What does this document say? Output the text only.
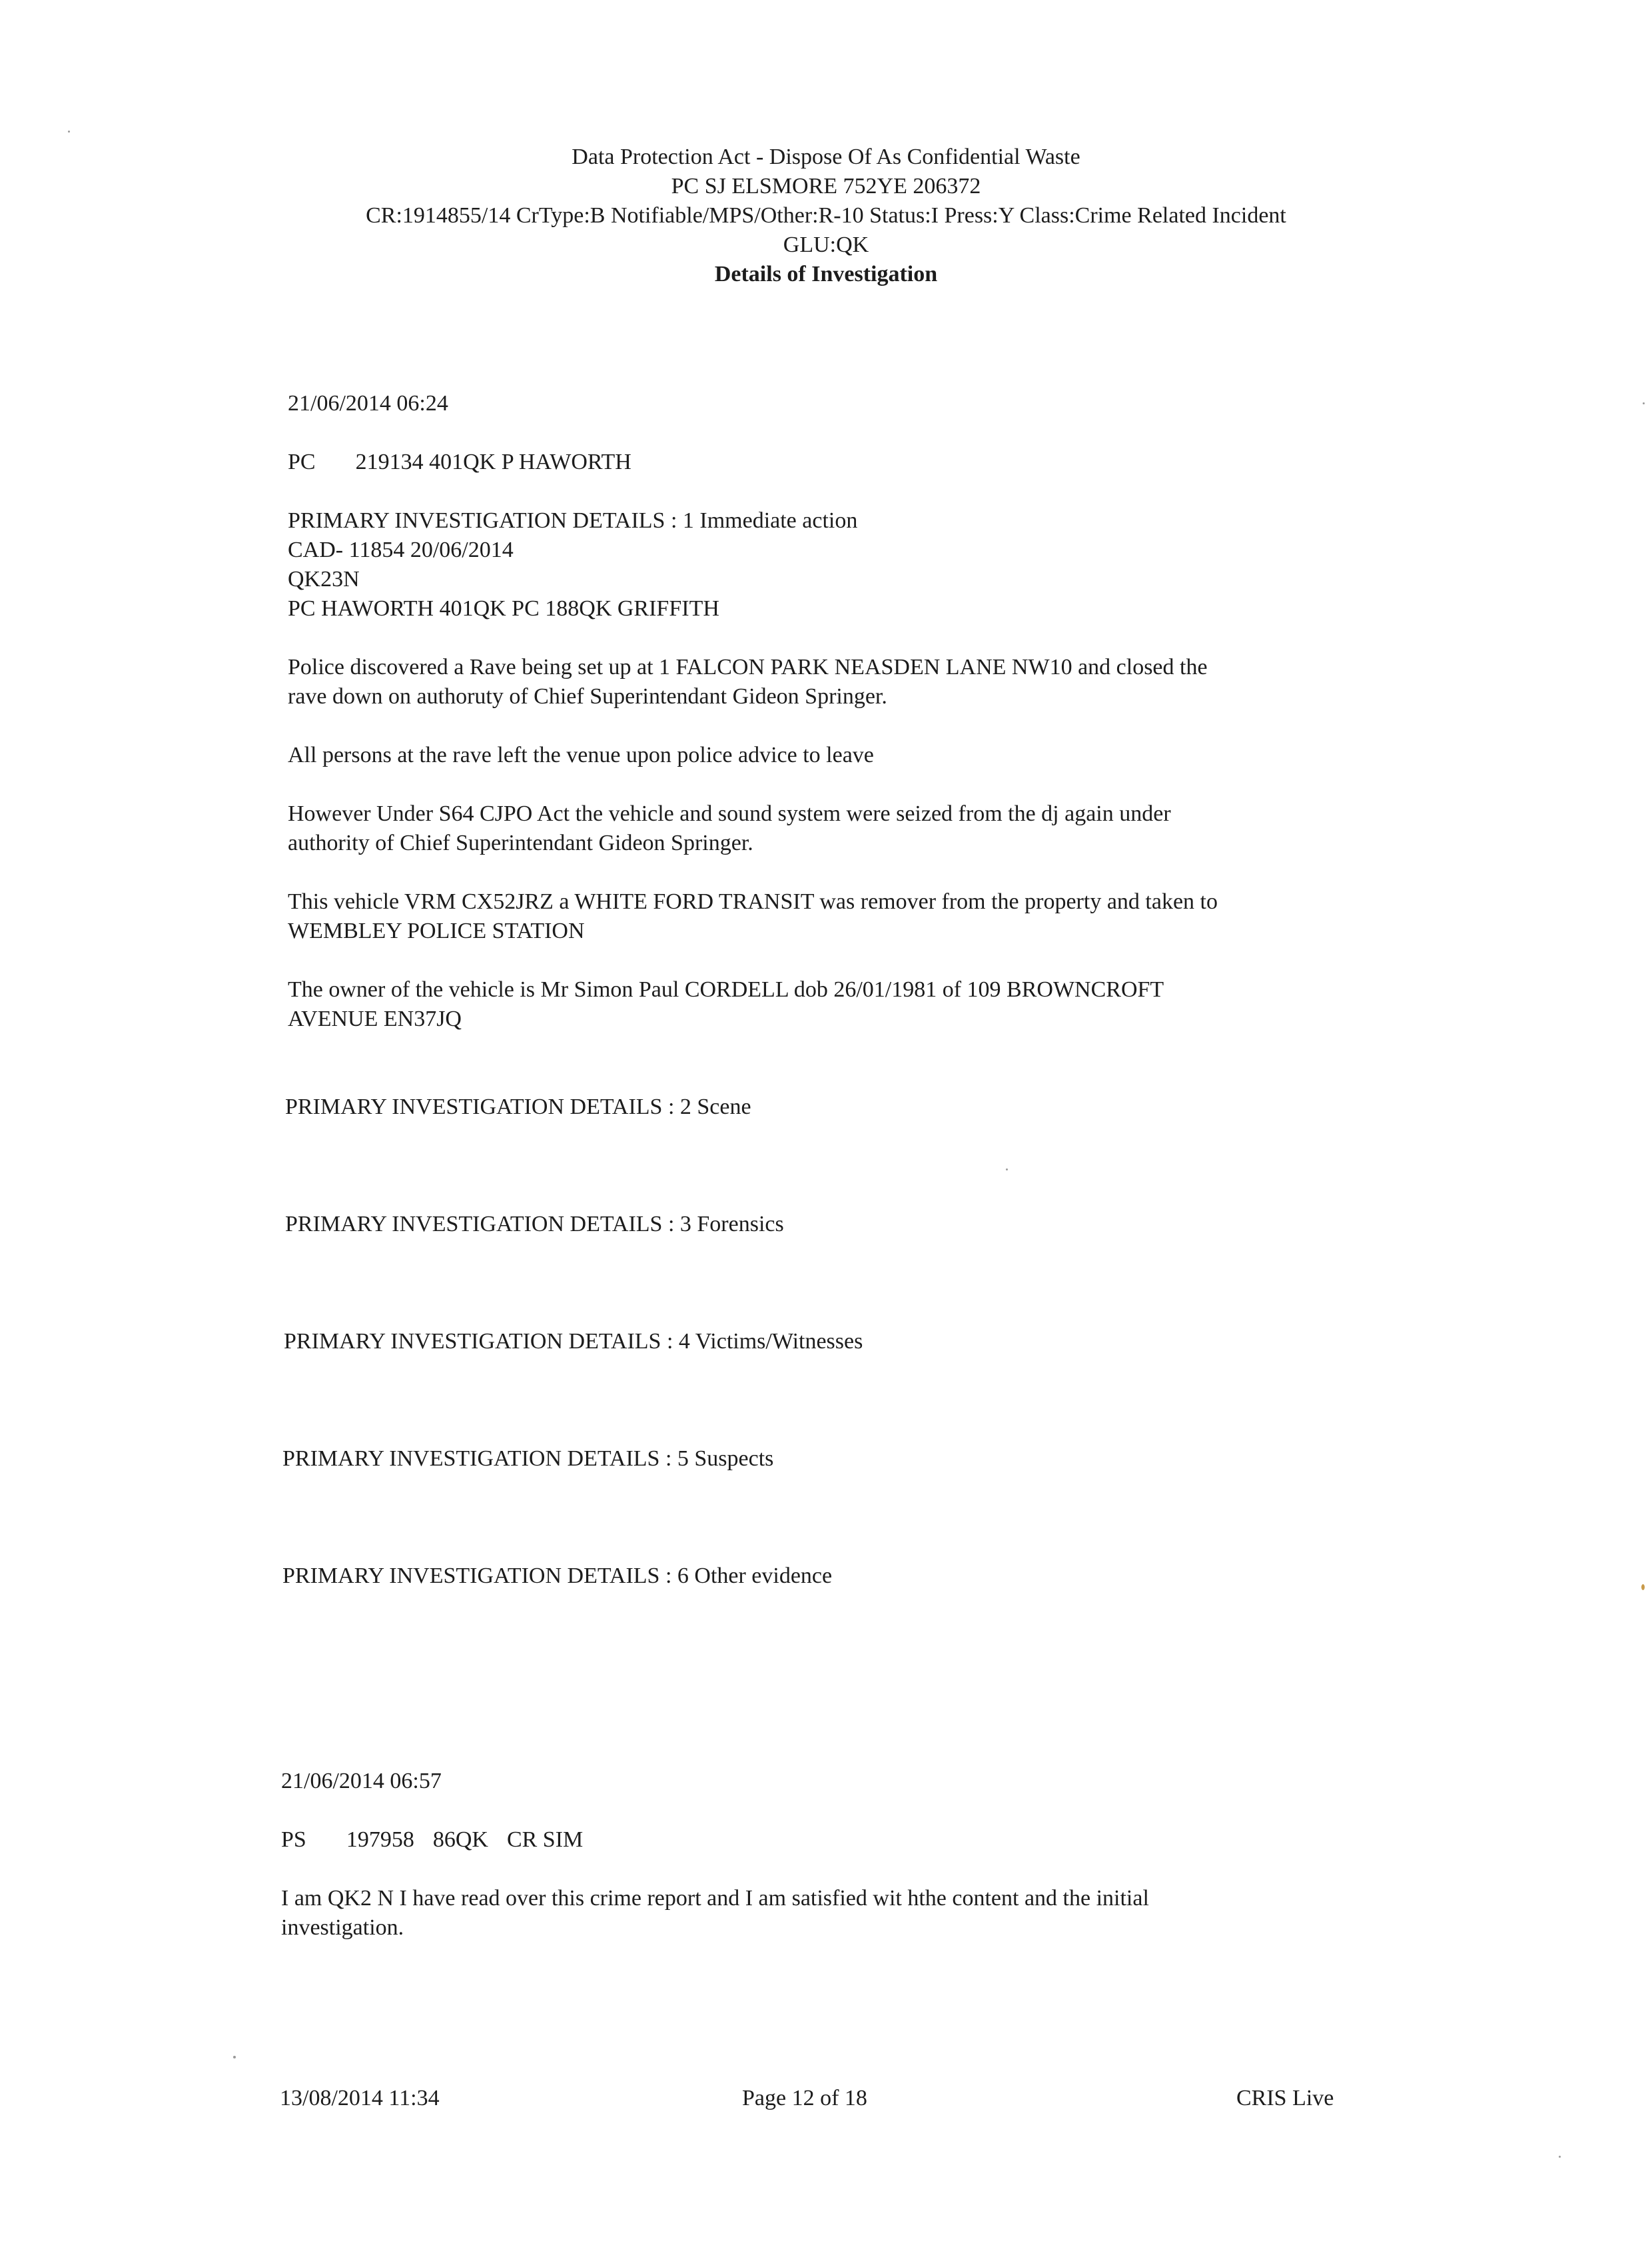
Data Protection Act - Dispose Of As Confidential Waste
PC SJ ELSMORE 752YE 206372
CR:1914855/14 CrType:B Notifiable/MPS/Other:R-10 Status:I Press:Y Class:Crime Related Incident
GLU:QK
Details of Investigation
21/06/2014 06:24
PC 219134 401QK P HAWORTH
PRIMARY INVESTIGATION DETAILS : 1 Immediate action
CAD- 11854 20/06/2014
QK23N
PC HAWORTH 401QK PC 188QK GRIFFITH
Police discovered a Rave being set up at 1 FALCON PARK NEASDEN LANE NW10 and closed the
rave down on authoruty of Chief Superintendant Gideon Springer.
All persons at the rave left the venue upon police advice to leave
However Under S64 CJPO Act the vehicle and sound system were seized from the dj again under
authority of Chief Superintendant Gideon Springer.
This vehicle VRM CX52JRZ a WHITE FORD TRANSIT was remover from the property and taken to
WEMBLEY POLICE STATION
The owner of the vehicle is Mr Simon Paul CORDELL dob 26/01/1981 of 109 BROWNCROFT
AVENUE EN37JQ
PRIMARY INVESTIGATION DETAILS : 2 Scene
PRIMARY INVESTIGATION DETAILS : 3 Forensics
PRIMARY INVESTIGATION DETAILS : 4 Victims/Witnesses
PRIMARY INVESTIGATION DETAILS : 5 Suspects
PRIMARY INVESTIGATION DETAILS : 6 Other evidence
21/06/2014 06:57
PS 197958 86QK CR SIM
I am QK2 N I have read over this crime report and I am satisfied wit hthe content and the initial
investigation.
13/08/2014 11:34	Page 12 of 18	CRIS Live
